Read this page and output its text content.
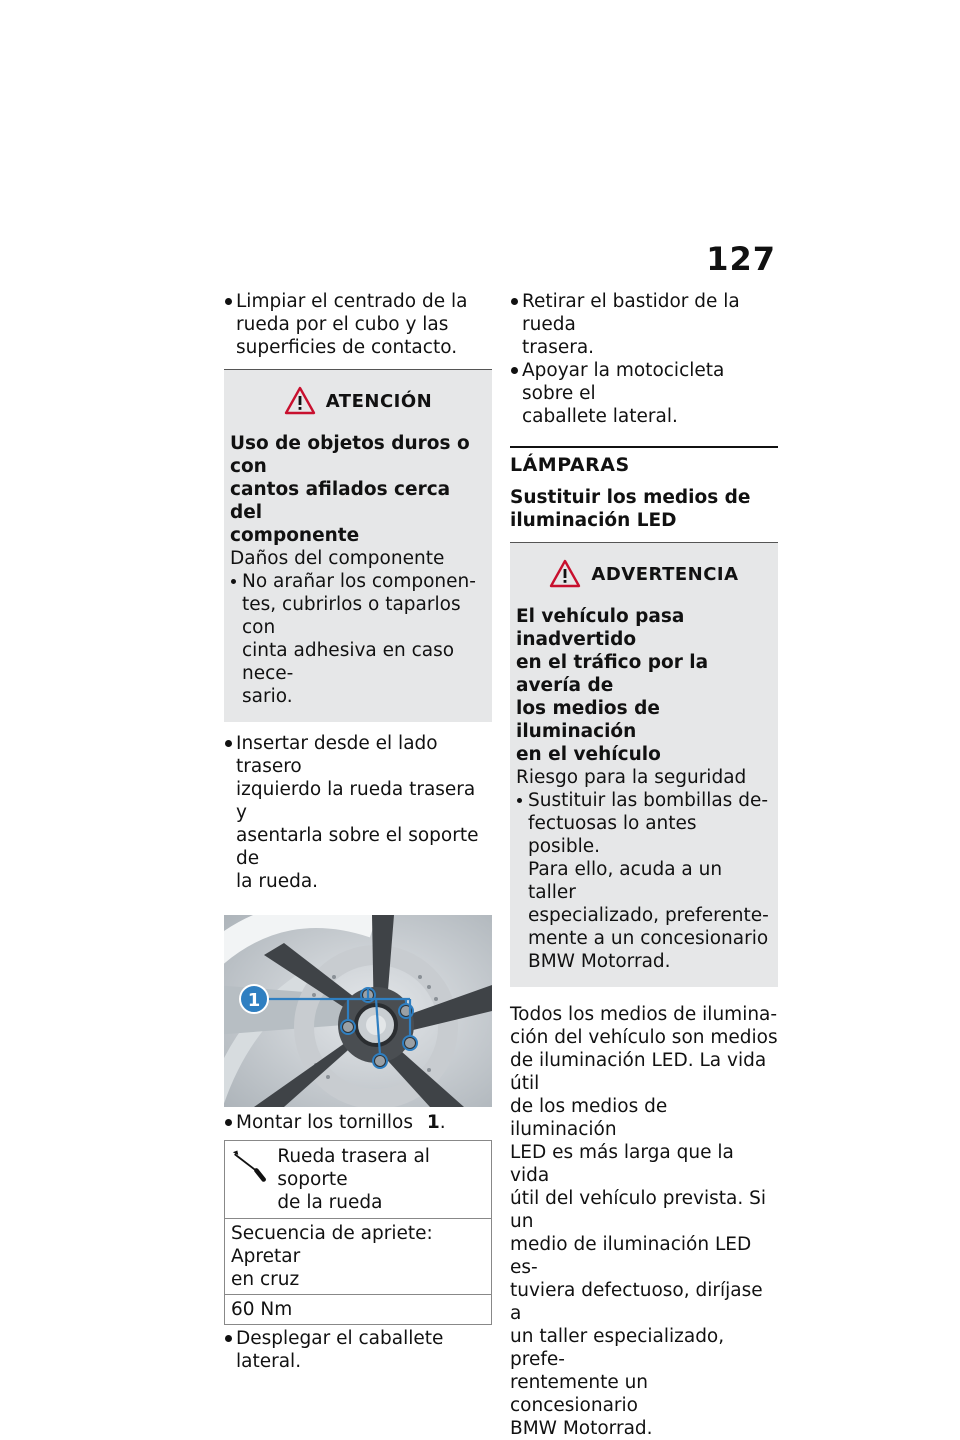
127
Limpiar el centrado de la
rueda por el cubo y las
superficies de contacto.
ATENCIÓN
Uso de objetos duros o con
cantos afilados cerca del
componente
Daños del componente
No arañar los componen-
tes, cubrirlos o taparlos con
cinta adhesiva en caso nece-
sario.
Insertar desde el lado trasero
izquierdo la rueda trasera y
asentarla sobre el soporte de
la rueda.
1
Montar los tornillos 1.
Rueda trasera al soporte
de la rueda
Secuencia de apriete: Apretar
en cruz
60 Nm
Desplegar el caballete lateral.
Retirar el bastidor de la rueda
trasera.
Apoyar la motocicleta sobre el
caballete lateral.
LÁMPARAS
Sustituir los medios de
iluminación LED
ADVERTENCIA
El vehículo pasa inadvertido
en el tráfico por la avería de
los medios de iluminación
en el vehículo
Riesgo para la seguridad
Sustituir las bombillas de-
fectuosas lo antes posible.
Para ello, acuda a un taller
especializado, preferente-
mente a un concesionario
BMW Motorrad.
Todos los medios de ilumina-
ción del vehículo son medios
de iluminación LED. La vida útil
de los medios de iluminación
LED es más larga que la vida
útil del vehículo prevista. Si un
medio de iluminación LED es-
tuviera defectuoso, diríjase a
un taller especializado, prefe-
rentemente un concesionario
BMW Motorrad.
